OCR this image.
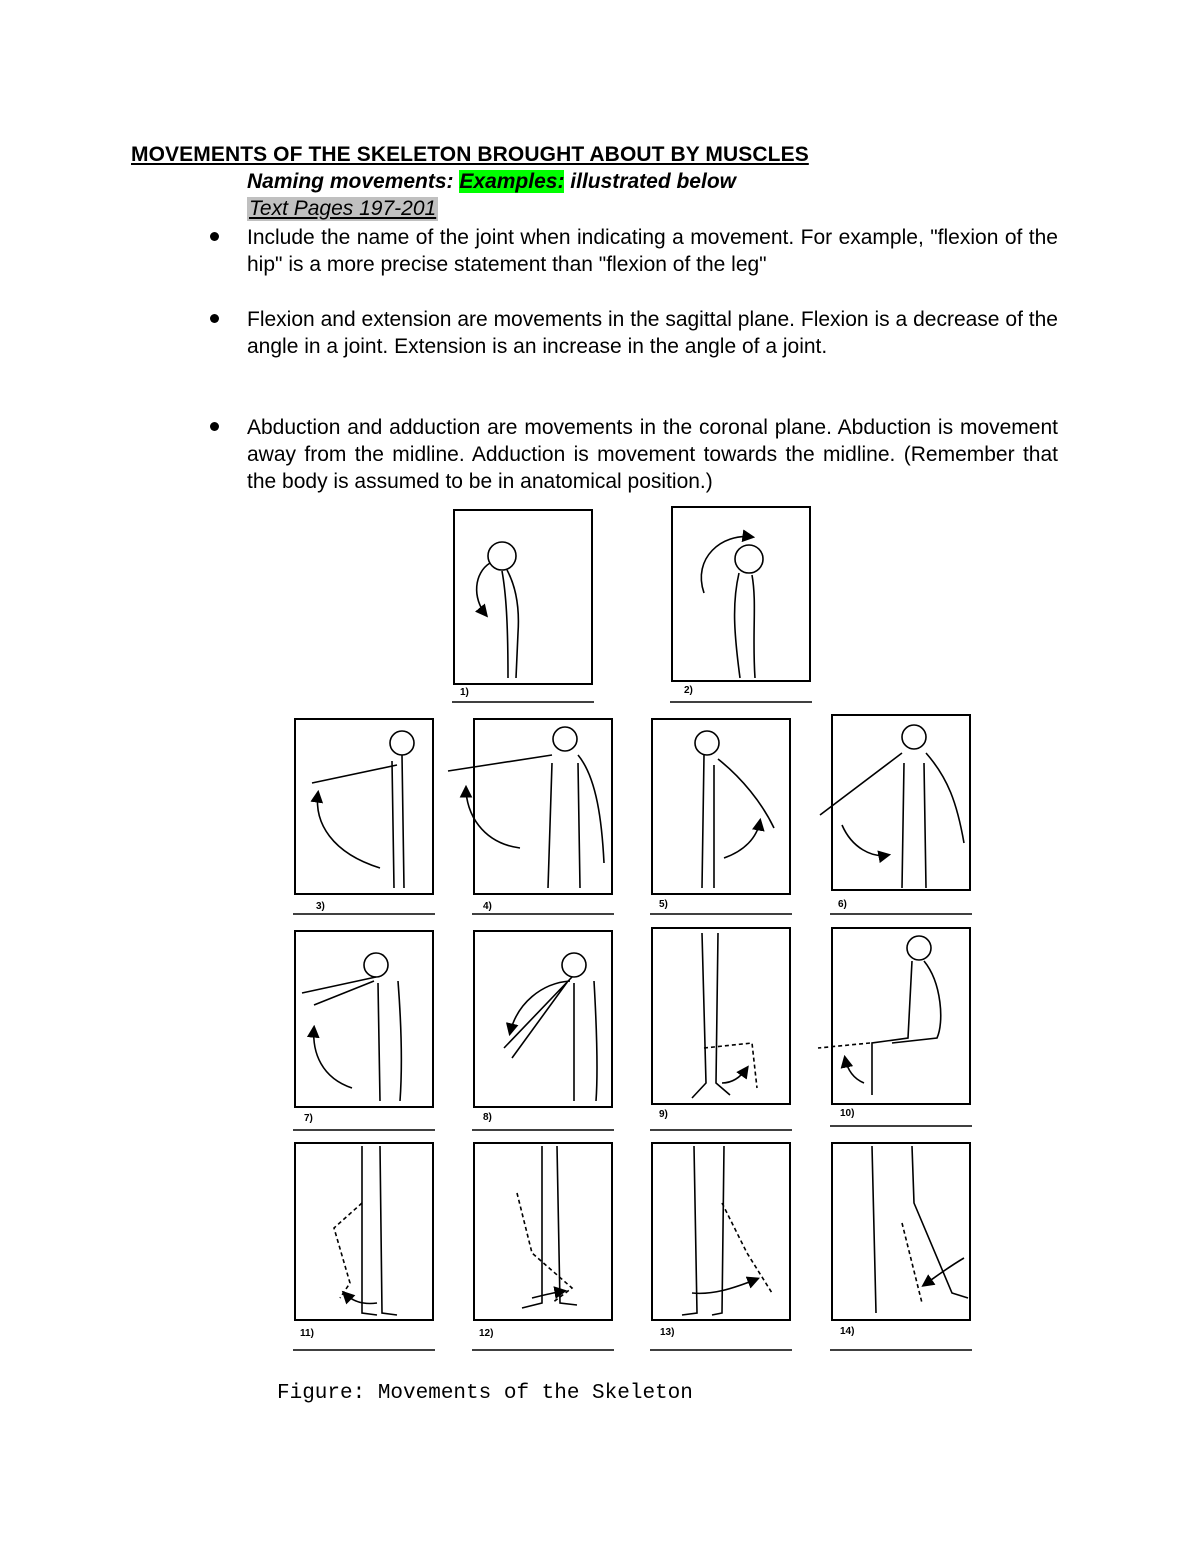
MOVEMENTS OF THE SKELETON BROUGHT ABOUT BY MUSCLES
Naming movements: Examples: illustrated below
Text Pages 197-201
Include the name of the joint when indicating a movement. For example, "flexion of the hip" is a more precise statement than "flexion of the leg"
Flexion and extension are movements in the sagittal plane. Flexion is a decrease of the angle in a joint. Extension is an increase in the angle of a joint.
Abduction and adduction are movements in the coronal plane. Abduction is movement away from the midline. Adduction is movement towards the midline. (Remember that the body is assumed to be in anatomical position.)
1)	2)
3)	4)	5)	6)
7)	8)	9)	10)
11)	12)	13)	14)
Figure: Movements of the Skeleton
